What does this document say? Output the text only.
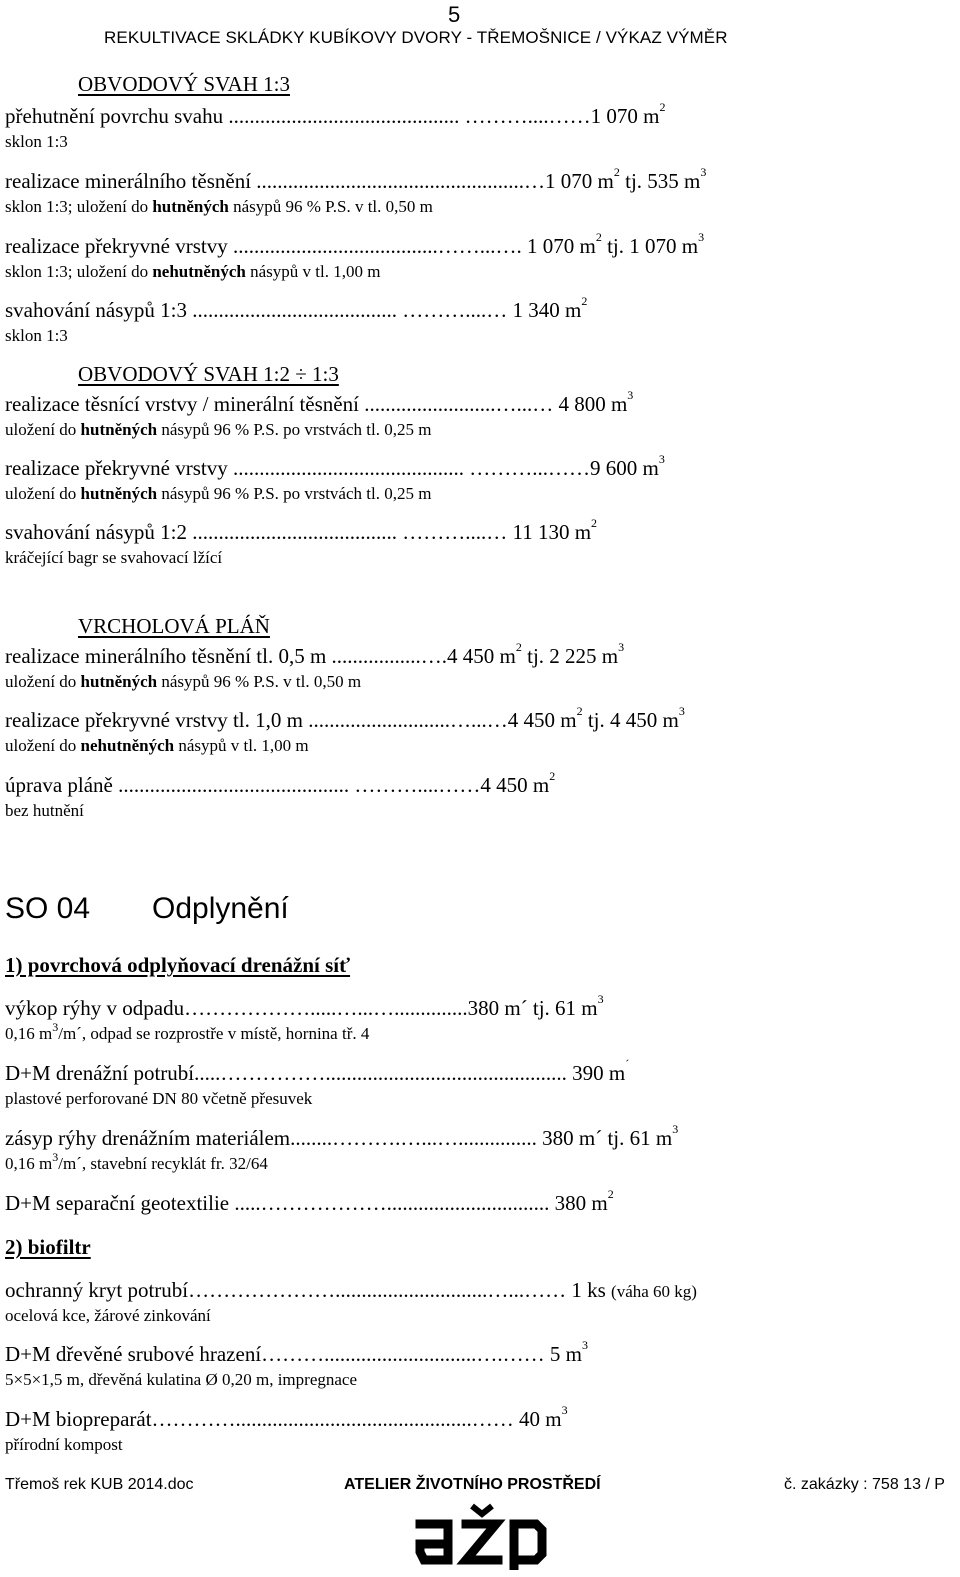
5
REKULTIVACE SKLÁDKY KUBÍKOVY DVORY - TŘEMOŠNICE / VÝKAZ VÝMĚR
OBVODOVÝ SVAH 1:3
přehutnění povrchu svahu ............................................ ………....……1 070 $m^2$
sklon 1:3
realizace minerálního těsnění ...................................................…1 070 $m^2$ tj. 535 $m^3$
sklon 1:3; uložení do hutněných násypů 96 % P.S. v tl. 0,50 m
realizace překryvné vrstvy .......................................……...…. 1 070 $m^2$ tj. 1 070 $m^3$
sklon 1:3; uložení do nehutněných násypů v tl. 1,00 m
svahování násypů 1:3 ....................................... ………....… 1 340 $m^2$
sklon 1:3
OBVODOVÝ SVAH 1:2 ÷ 1:3
realizace těsnící vrstvy / minerální těsnění .........................…...… 4 800 $m^3$
uložení do hutněných násypů 96 % P.S. po vrstvách tl. 0,25 m
realizace překryvné vrstvy ............................................ ………...……9 600 $m^3$
uložení do hutněných násypů 96 % P.S. po vrstvách tl. 0,25 m
svahování násypů 1:2 ....................................... ………....… 11 130 $m^2$
kráčející bagr se svahovací lžící
VRCHOLOVÁ PLÁŇ
realizace minerálního těsnění tl. 0,5 m .................….4 450 $m^2$ tj. 2 225 $m^3$
uložení do hutněných násypů 96 % P.S. v tl. 0,50 m
realizace překryvné vrstvy tl. 1,0 m ...........................…...…4 450 $m^2$ tj. 4 450 $m^3$
uložení do nehutněných násypů v tl. 1,00 m
úprava pláně ............................................ ………....……4 450 $m^2$
bez hutnění
SO 04 Odplynění
1) povrchová odplyňovací drenážní síť
výkop rýhy v odpadu……………….....…...…..............380 m´ tj. 61 $m^3$
0,16 $m^3/m´$, odpad se rozprostře v místě, hornina tř. 4
D+M drenážní potrubí.....…………….............................................. 390 m´
plastové perforované DN 80 včetně přesuvek
zásyp rýhy drenážním materiálem........……….…...…............... 380 m´ tj. 61 $m^3$
0,16 $m^3/m´$, stavební recyklát fr. 32/64
D+M separační geotextilie .....………………............................... 380 $m^2$
2) biofiltr
ochranný kryt potrubí………………….............................…...…… 1 ks (váha 60 kg)
ocelová kce, žárové zinkování
D+M dřevěné srubové hrazení……….............................….…… 5 $m^3$
5×5×1,5 m, dřevěná kulatina Ø 0,20 m, impregnace
D+M biopreparát………….............................................…… 40 $m^3$
přírodní kompost
Třemoš rek KUB 2014.doc	ATELIER ŽIVOTNÍHO PROSTŘEDÍ	č. zakázky : 758 13 / P
